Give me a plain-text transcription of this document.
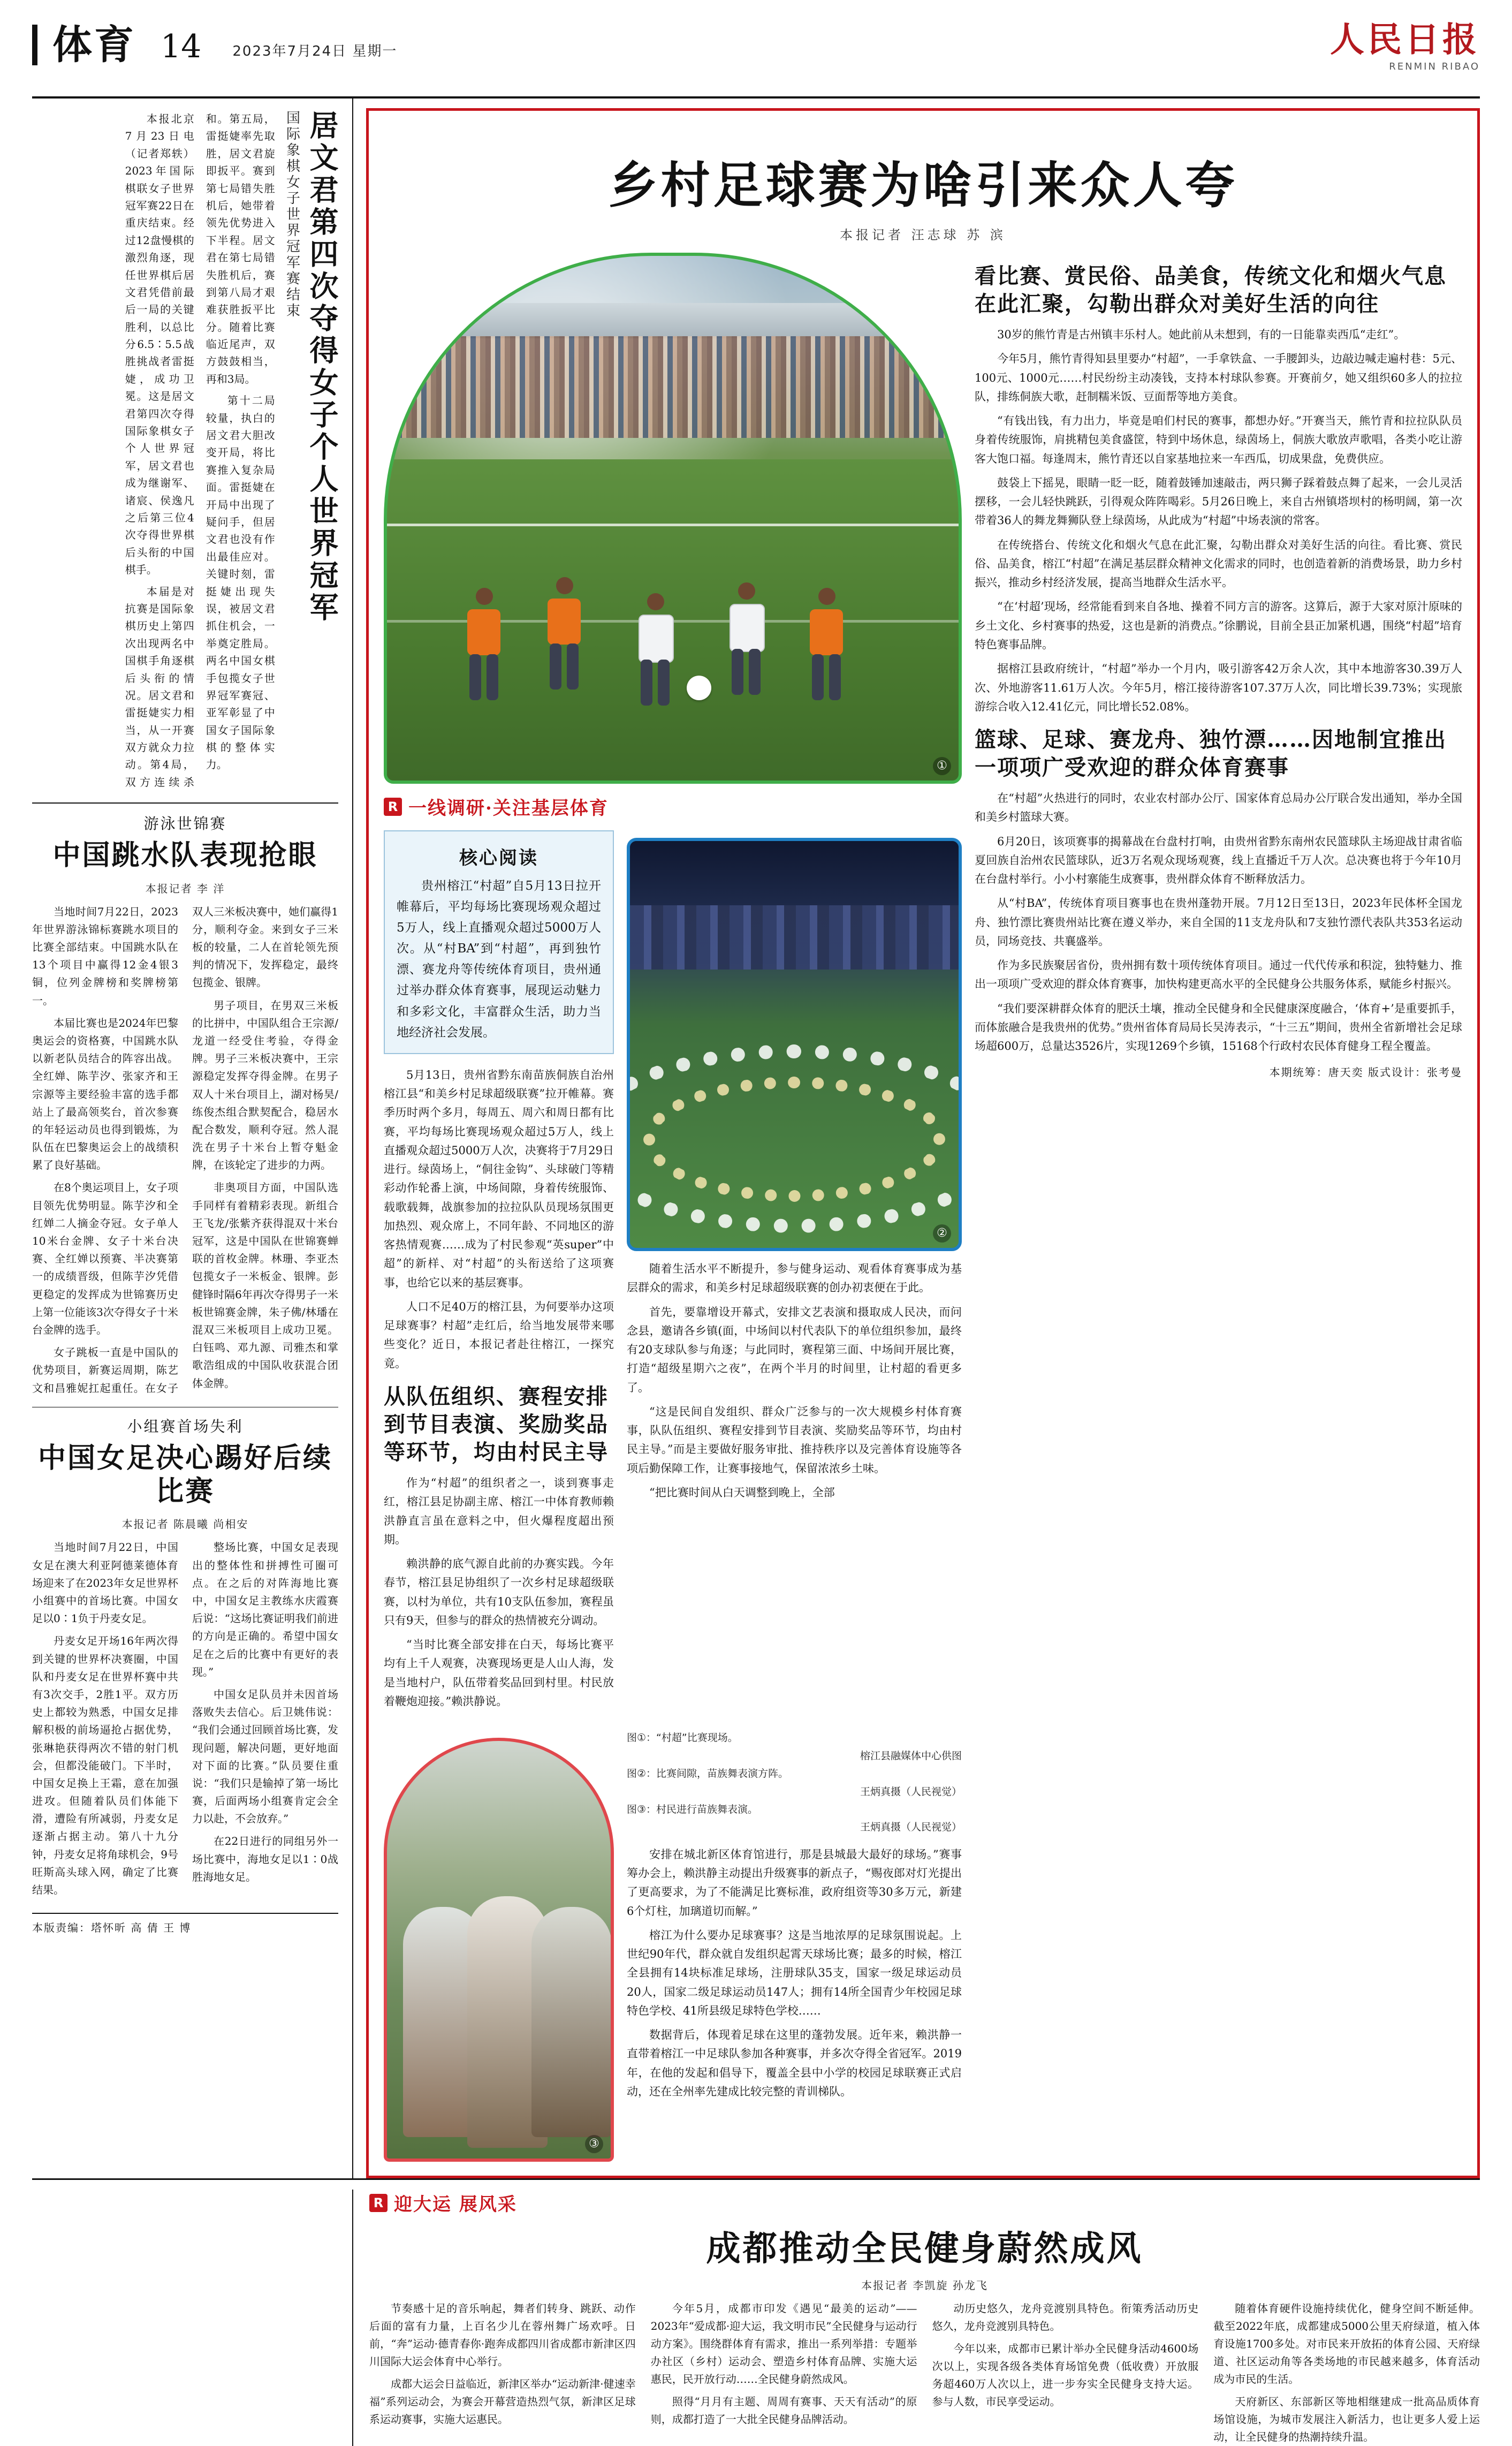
体育 14 2023年7月24日 星期一	人民日报
RENMIN RIBAO
居文君第四次夺得女子个人世界冠军
国际象棋女子世界冠军赛结束

本报北京7月23日电 （记者郑轶）2023年国际棋联女子世界冠军赛22日在重庆结束。经过12盘慢棋的激烈角逐，现任世界棋后居文君凭借前最后一局的关键胜利，以总比分6.5∶5.5战胜挑战者雷挺婕，成功卫冕。这是居文君第四次夺得国际象棋女子个人世界冠军，居文君也成为继谢军、诸宸、侯逸凡之后第三位4次夺得世界棋后头衔的中国棋手。

本届是对抗赛是国际象棋历史上第四次出现两名中国棋手角逐棋后头衔的情况。居文君和雷挺婕实力相当，从一开赛双方就众力拉动。第4局，双方连续杀和。第五局，雷挺婕率先取胜，居文君旋即扳平。赛到第七局错失胜机后，她带着领先优势进入下半程。居文君在第七局错失胜机后，赛到第八局才艰难获胜扳平比分。随着比赛临近尾声，双方鼓鼓相当，再和3局。

第十二局较量，执白的居文君大胆改变开局，将比赛推入复杂局面。雷挺婕在开局中出现了疑问手，但居文君也没有作出最佳应对。关键时刻，雷挺婕出现失误，被居文君抓住机会，一举奠定胜局。两名中国女棋手包揽女子世界冠军赛冠、亚军彰显了中国女子国际象棋的整体实力。

游泳世锦赛
中国跳水队表现抢眼
本报记者 李 洋

当地时间7月22日，2023年世界游泳锦标赛跳水项目的比赛全部结束。中国跳水队在13个项目中赢得12金4银3铜，位列金牌榜和奖牌榜第一。

本届比赛也是2024年巴黎奥运会的资格赛，中国跳水队以新老队员结合的阵容出战。全红婵、陈芋汐、张家齐和王宗源等主要经验丰富的选手都站上了最高领奖台，首次参赛的年轻运动员也得到锻炼，为队伍在巴黎奥运会上的战绩积累了良好基础。

在8个奥运项目上，女子项目领先优势明显。陈芋汐和全红婵二人摘金夺冠。女子单人10米台金牌、女子十米台决赛、全红婵以预赛、半决赛第一的成绩晋级，但陈芋汐凭借更稳定的发挥成为世锦赛历史上第一位能该3次夺得女子十米台金牌的选手。

女子跳板一直是中国队的优势项目，新赛运周期，陈艺文和昌雅妮扛起重任。在女子双人三米板决赛中，她们赢得1分，顺利夺金。来到女子三米板的较量，二人在首轮领先预判的情况下，发挥稳定，最终包揽金、银牌。

男子项目，在男双三米板的比拼中，中国队组合王宗源/龙道一经受住考验，夺得金牌。男子三米板决赛中，王宗源稳定发挥夺得金牌。在男子双人十米台项目上，湖对杨昊/练俊杰组合默契配合，稳居水配合数发，顺利夺冠。然人混洗在男子十米台上暂夺魁金牌，在该轮定了进步的力两。

非奥项目方面，中国队选手同样有着精彩表现。新组合王飞龙/张紫齐获得混双十米台冠军，这是中国队在世锦赛蝉联的首枚金牌。林珊、李亚杰包揽女子一米板金、银牌。彭健锋时隔6年再次夺得男子一米板世锦赛金牌，朱子佛/林璠在混双三米板项目上成功卫冕。白钰鸣、邓九源、司雅杰和掌歌浩组成的中国队收获混合团体金牌。

小组赛首场失利
中国女足决心踢好后续比赛
本报记者 陈晨曦 尚相安

当地时间7月22日，中国女足在澳大利亚阿德莱德体育场迎来了在2023年女足世界杯小组赛中的首场比赛。中国女足以0∶1负于丹麦女足。

丹麦女足开场16年两次得到关键的世界杯决赛圈，中国队和丹麦女足在世界杯赛中共有3次交手，2胜1平。双方历史上都较为熟悉，中国女足排解积极的前场逼抢占据优势，张琳艳获得两次不错的射门机会，但都没能破门。下半时，中国女足换上王霜，意在加强进攻。但随着队员们体能下滑，遭险有所减弱，丹麦女足逐渐占据主动。第八十九分钟，丹麦女足将角球机会，9号旺斯高头球入网，确定了比赛结果。

整场比赛，中国女足表现出的整体性和拼搏性可圈可点。在之后的对阵海地比赛中，中国女足主教练水庆霞赛后说：“这场比赛证明我们前进的方向是正确的。希望中国女足在之后的比赛中有更好的表现。”

中国女足队员并未因首场落败失去信心。后卫姚伟说：“我们会通过回顾首场比赛，发现问题，解决问题，更好地面对下面的比赛。”队员要住重说：“我们只是输掉了第一场比赛，后面两场小组赛肯定会全力以赴，不会放弃。”

在22日进行的同组另外一场比赛中，海地女足以1∶0战胜海地女足。

本版责编：塔怀昕 高 倩 王 博
乡村足球赛为啥引来众人夸
本报记者 汪志球 苏 滨
①
R 一线调研·关注基层体育
核心阅读

贵州榕江“村超”自5月13日拉开帷幕后，平均每场比赛现场观众超过5万人，线上直播观众超过5000万人次。从“村BA”到“村超”，再到独竹漂、赛龙舟等传统体育项目，贵州通过举办群众体育赛事，展现运动魅力和多彩文化，丰富群众生活，助力当地经济社会发展。

5月13日，贵州省黔东南苗族侗族自治州榕江县“和美乡村足球超级联赛”拉开帷幕。赛季历时两个多月，每周五、周六和周日都有比赛，平均每场比赛现场观众超过5万人，线上直播观众超过5000万人次，决赛将于7月29日进行。绿茵场上，“侗往金钩”、头球破门等精彩动作轮番上演，中场间隙，身着传统服饰、载歌载舞，战旗参加的拉拉队队员现场氛围更加热烈、观众席上，不同年龄、不同地区的游客热情观赛……成为了村民参观“英super”中超”的新样、对“村超”的头衔送给了这项赛事，也给它以来的基层赛事。

人口不足40万的榕江县，为何要举办这项足球赛事？村超”走红后，给当地发展带来哪些变化？近日，本报记者赴往榕江，一探究竟。

从队伍组织、赛程安排到节目表演、奖励奖品等环节，均由村民主导

作为“村超”的组织者之一，谈到赛事走红，榕江县足协副主席、榕江一中体育教师赖洪静直言虽在意料之中，但火爆程度超出预期。

赖洪静的底气源自此前的办赛实践。今年春节，榕江县足协组织了一次乡村足球超级联赛，以村为单位，共有10支队伍参加，赛程虽只有9天，但参与的群众的热情被充分调动。

“当时比赛全部安排在白天，每场比赛平均有上千人观赛，决赛现场更是人山人海，发是当地村户，队伍带着奖品回到村里。村民放着鞭炮迎接。”赖洪静说。

②

随着生活水平不断提升，参与健身运动、观看体育赛事成为基层群众的需求，和美乡村足球超级联赛的创办初衷便在于此。

首先，要靠增设开幕式，安排文艺表演和摄取成人民决，而问念县，邀请各乡镇(面，中场间以村代表队下的单位组织参加，最终有20支球队参与角逐；与此同时，赛程第三面、中场间开展比赛，打造“超级星期六之夜”，在两个半月的时间里，让村超的看更多了。

“这是民间自发组织、群众广泛参与的一次大规模乡村体育赛事，队队伍组织、赛程安排到节目表演、奖励奖品等环节，均由村民主导。”而是主要做好服务审批、推持秩序以及完善体育设施等各项后勤保障工作，让赛事接地气，保留浓浓乡土味。

“把比赛时间从白天调整到晚上，全部

③

图①：“村超”比赛现场。

榕江县融媒体中心供图

图②：比赛间隙，苗族舞表演方阵。

王炳真摄（人民视觉）

图③：村民进行苗族舞表演。

王炳真摄（人民视觉）

安排在城北新区体育馆进行，那是县城最大最好的球场。”赛事筹办会上，赖洪静主动提出升级赛事的新点子，“赐夜郎对灯光提出了更高要求，为了不能满足比赛标准，政府组资等30多万元，新建6个灯柱，加璃道切而解。”

榕江为什么要办足球赛事？这是当地浓厚的足球氛围说起。上世纪90年代，群众就自发组织起霄天球场比赛；最多的时候，榕江全县拥有14块标准足球场，注册球队35支，国家一级足球运动员20人，国家二级足球运动员147人；拥有14所全国青少年校园足球特色学校、41所县级足球特色学校……

数据背后，体现着足球在这里的蓬勃发展。近年来，赖洪静一直带着榕江一中足球队参加各种赛事，并多次夺得全省冠军。2019年，在他的发起和倡导下，覆盖全县中小学的校园足球联赛正式启动，还在全州率先建成比较完整的青训梯队。

看比赛、赏民俗、品美食，传统文化和烟火气息在此汇聚，勾勒出群众对美好生活的向往

30岁的熊竹青是古州镇丰乐村人。她此前从未想到，有的一日能靠卖西瓜“走红”。

今年5月，熊竹青得知县里要办“村超”，一手拿铁盒、一手腰卸头，边敲边喊走遍村巷：5元、100元、1000元……村民纷纷主动凑钱，支持本村球队参赛。开赛前夕，她又组织60多人的拉拉队，排练侗族大歌，赶制糯米饭、豆面帮等地方美食。

“有钱出钱，有力出力，毕竟是咱们村民的赛事，都想办好。”开赛当天，熊竹青和拉拉队队员身着传统服饰，肩挑精包美食盛筐，特到中场休息，绿茵场上，侗族大歌放声歌唱，各类小吃让游客大饱口福。每逢周末，熊竹青还以自家基地拉来一车西瓜，切成果盘，免费供应。

鼓袋上下摇晃，眼睛一眨一眨，随着鼓锤加速敲击，两只狮子踩着鼓点舞了起来，一会儿灵活摆移，一会儿轻快跳跃，引得观众阵阵喝彩。5月26日晚上，来自古州镇塔坝村的杨明阔，第一次带着36人的舞龙舞狮队登上绿茵场，从此成为“村超”中场表演的常客。

在传统搭台、传统文化和烟火气息在此汇聚，勾勒出群众对美好生活的向往。看比赛、赏民俗、品美食，榕江“村超”在满足基层群众精神文化需求的同时，也创造着新的消费场景，助力乡村振兴，推动乡村经济发展，提高当地群众生活水平。

“在‘村超’现场，经常能看到来自各地、操着不同方言的游客。这算后，源于大家对原汁原味的乡土文化、乡村赛事的热爱，这也是新的消费点。”徐鹏说，目前全县正加紧机遇，围绕“村超”培育特色赛事品牌。

据榕江县政府统计，“村超”举办一个月内，吸引游客42万余人次，其中本地游客30.39万人次、外地游客11.61万人次。今年5月，榕江接待游客107.37万人次，同比增长39.73%；实现旅游综合收入12.41亿元，同比增长52.08%。

篮球、足球、赛龙舟、独竹漂……因地制宜推出一项项广受欢迎的群众体育赛事

在“村超”火热进行的同时，农业农村部办公厅、国家体育总局办公厅联合发出通知，举办全国和美乡村篮球大赛。

6月20日，该项赛事的揭幕战在台盘村打响，由贵州省黔东南州农民篮球队主场迎战甘肃省临夏回族自治州农民篮球队，近3万名观众现场观赛，线上直播近千万人次。总决赛也将于今年10月在台盘村举行。小小村寨能生成赛事，贵州群众体育不断释放活力。

从“村BA”，传统体育项目赛事也在贵州蓬勃开展。7月12日至13日，2023年民体杯全国龙舟、独竹漂比赛贵州站比赛在遵义举办，来自全国的11支龙舟队和7支独竹漂代表队共353名运动员，同场竞技、共襄盛举。

作为多民族聚居省份，贵州拥有数十项传统体育项目。通过一代代传承和积淀，独特魅力、推出一项项广受欢迎的群众体育赛事，加快构建更高水平的全民健身公共服务体系，赋能乡村振兴。

“我们要深耕群众体育的肥沃土壤，推动全民健身和全民健康深度融合，‘体育+’是重要抓手，而体旅融合是我贵州的优势。”贵州省体育局局长吴涛表示，“十三五”期间，贵州全省新增社会足球场超600万，总量达3526片，实现1269个乡镇，15168个行政村农民体育健身工程全覆盖。

本期统筹：唐天奕 版式设计：张考曼
R 迎大运 展风采
成都推动全民健身蔚然成风
本报记者 李凯旋 孙龙飞

节奏感十足的音乐响起，舞者们转身、跳跃、动作后面的富有力量，上百名少儿在蓉州舞广场欢呼。日前，“奔”运动·德青春你·跑奔成都四川省成都市新津区四川国际大运会体育中心举行。

成都大运会日益临近，新津区举办“运动新津·健速幸福”系列运动会，为赛会开幕营造热烈气氛，新津区足球系运动赛事，实施大运惠民。

今年5月，成都市印发《遇见“最美的运动”——2023年“爱成都·迎大运，我文明市民”全民健身与运动行动方案》。围绕群体育有需求，推出一系列举措：专题举办社区（乡村）运动会、塑造乡村体育品牌、实施大运惠民，民开放行动……全民健身蔚然成风。

照得“月月有主题、周周有赛事、天天有活动”的原则，成都打造了一大批全民健身品牌活动。

动历史悠久，龙舟竞渡别具特色。衔策秀活动历史悠久，龙舟竞渡别具特色。

今年以来，成都市已累计举办全民健身活动4600场次以上，实现各级各类体育场馆免费（低收费）开放服务超460万人次以上，进一步夯实全民健身支持大运。参与人数，市民享受运动。

随着体育硬件设施持续优化，健身空间不断延伸。截至2022年底，成都建成5000公里天府绿道，植入体育设施1700多处。对市民来开放拓的体育公园、天府绿道、社区运动角等各类场地的市民越来越多，体育活动成为市民的生活。

天府新区、东部新区等地相继建成一批高品质体育场馆设施，为城市发展注入新活力，也让更多人爱上运动，让全民健身的热潮持续升温。
